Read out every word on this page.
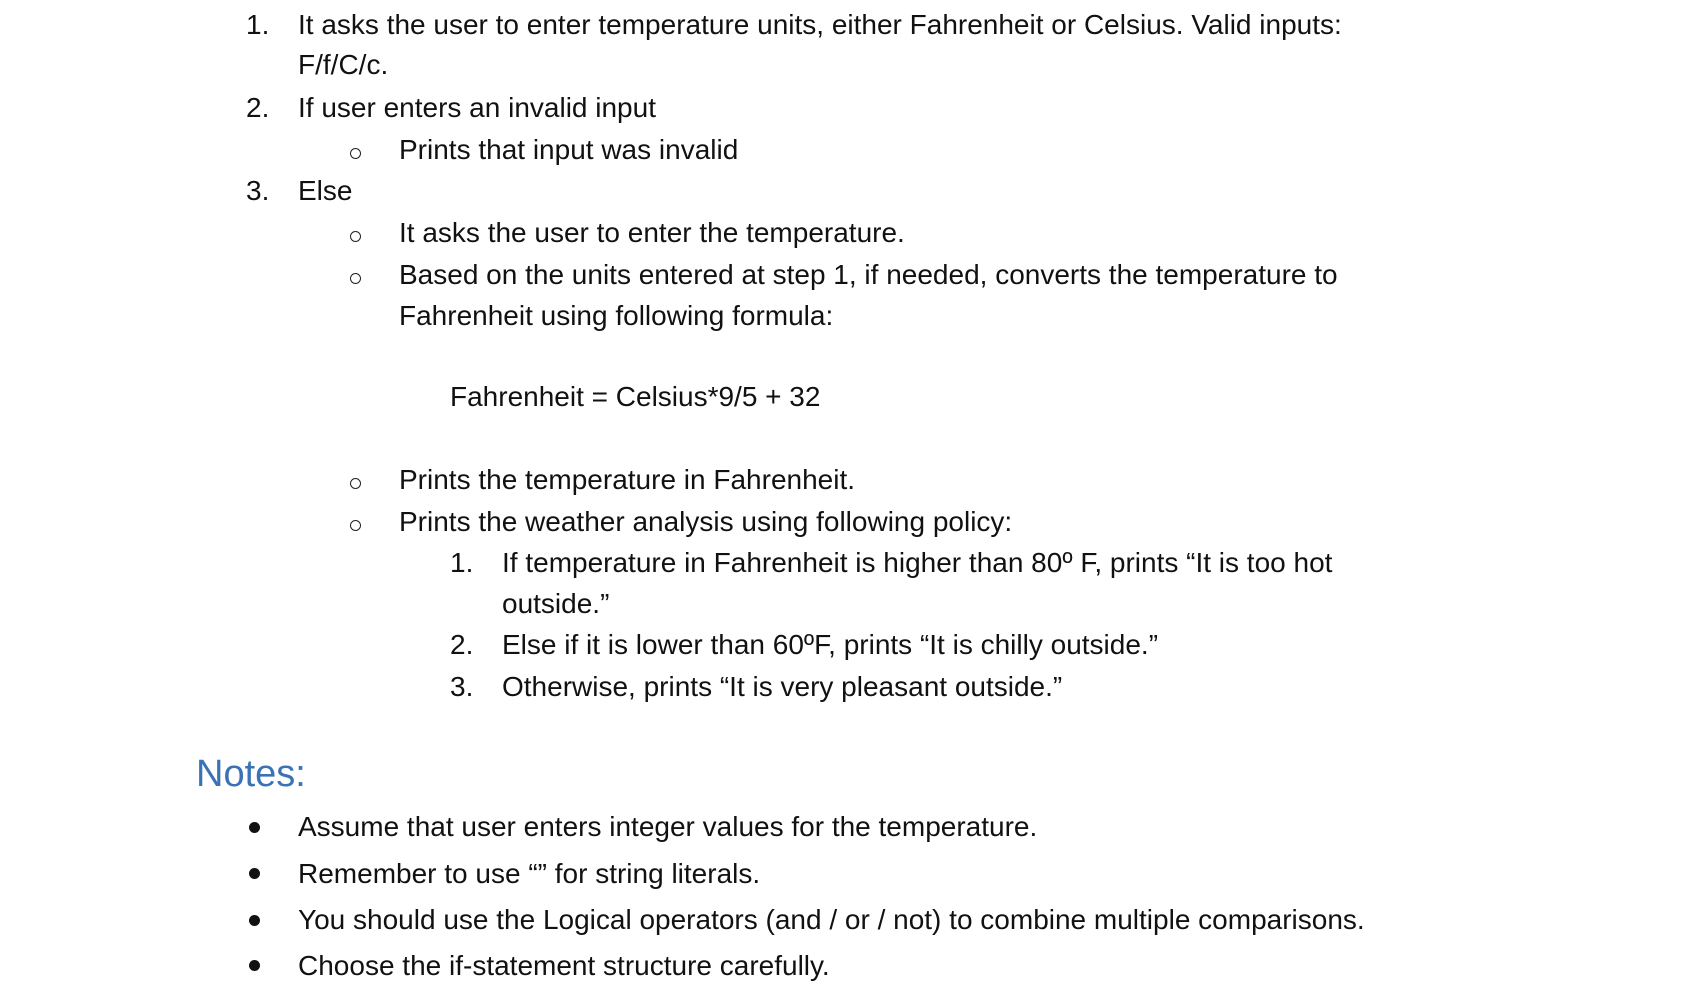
1. It asks the user to enter temperature units, either Fahrenheit or Celsius. Valid inputs:
F/f/C/c.
2. If user enters an invalid input
Prints that input was invalid
3. Else
It asks the user to enter the temperature.
Based on the units entered at step 1, if needed, converts the temperature to
Fahrenheit using following formula:
Fahrenheit = Celsius*9/5 + 32
Prints the temperature in Fahrenheit.
Prints the weather analysis using following policy:
1. If temperature in Fahrenheit is higher than 80º F, prints “It is too hot
outside.”
2. Else if it is lower than 60ºF, prints “It is chilly outside.”
3. Otherwise, prints “It is very pleasant outside.”
Notes:
Assume that user enters integer values for the temperature.
Remember to use “” for string literals.
You should use the Logical operators (and / or / not) to combine multiple comparisons.
Choose the if-statement structure carefully.
